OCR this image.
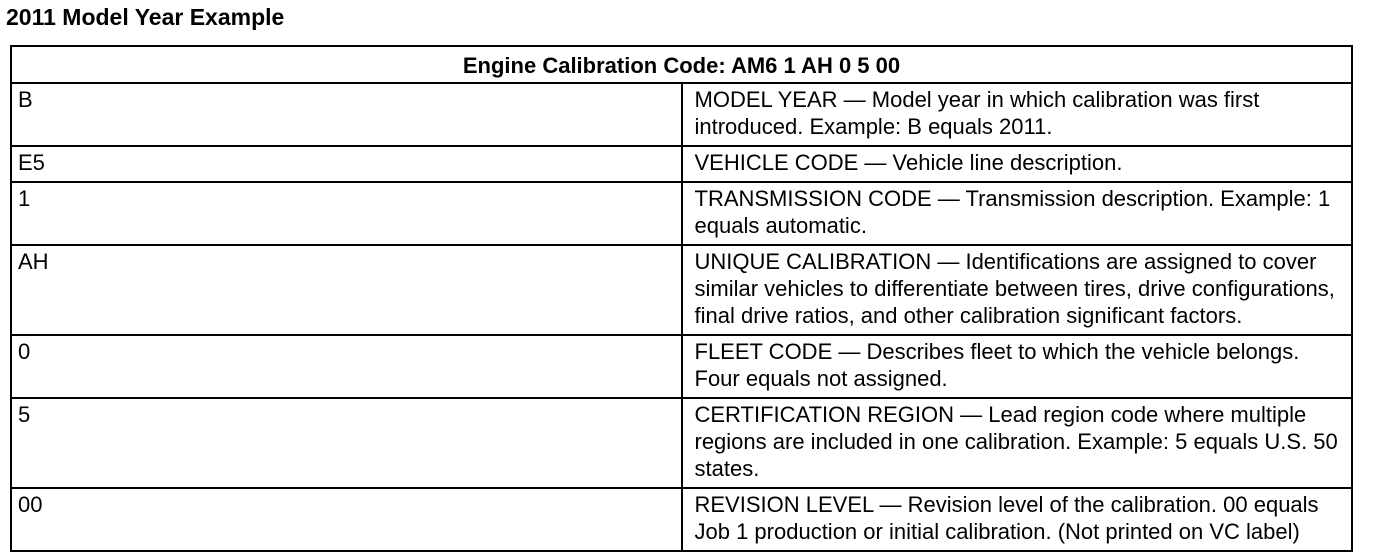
2011 Model Year Example
Engine Calibration Code: AM6 1 AH 0 5 00	
B	MODEL YEAR — Model year in which calibration was first introduced. Example: B equals 2011.
E5	VEHICLE CODE — Vehicle line description.
1	TRANSMISSION CODE — Transmission description. Example: 1 equals automatic.
AH	UNIQUE CALIBRATION — Identifications are assigned to cover similar vehicles to differentiate between tires, drive configurations, final drive ratios, and other calibration significant factors.
0	FLEET CODE — Describes fleet to which the vehicle belongs. Four equals not assigned.
5	CERTIFICATION REGION — Lead region code where multiple regions are included in one calibration. Example: 5 equals U.S. 50 states.
00	REVISION LEVEL — Revision level of the calibration. 00 equals Job 1 production or initial calibration. (Not printed on VC label)
